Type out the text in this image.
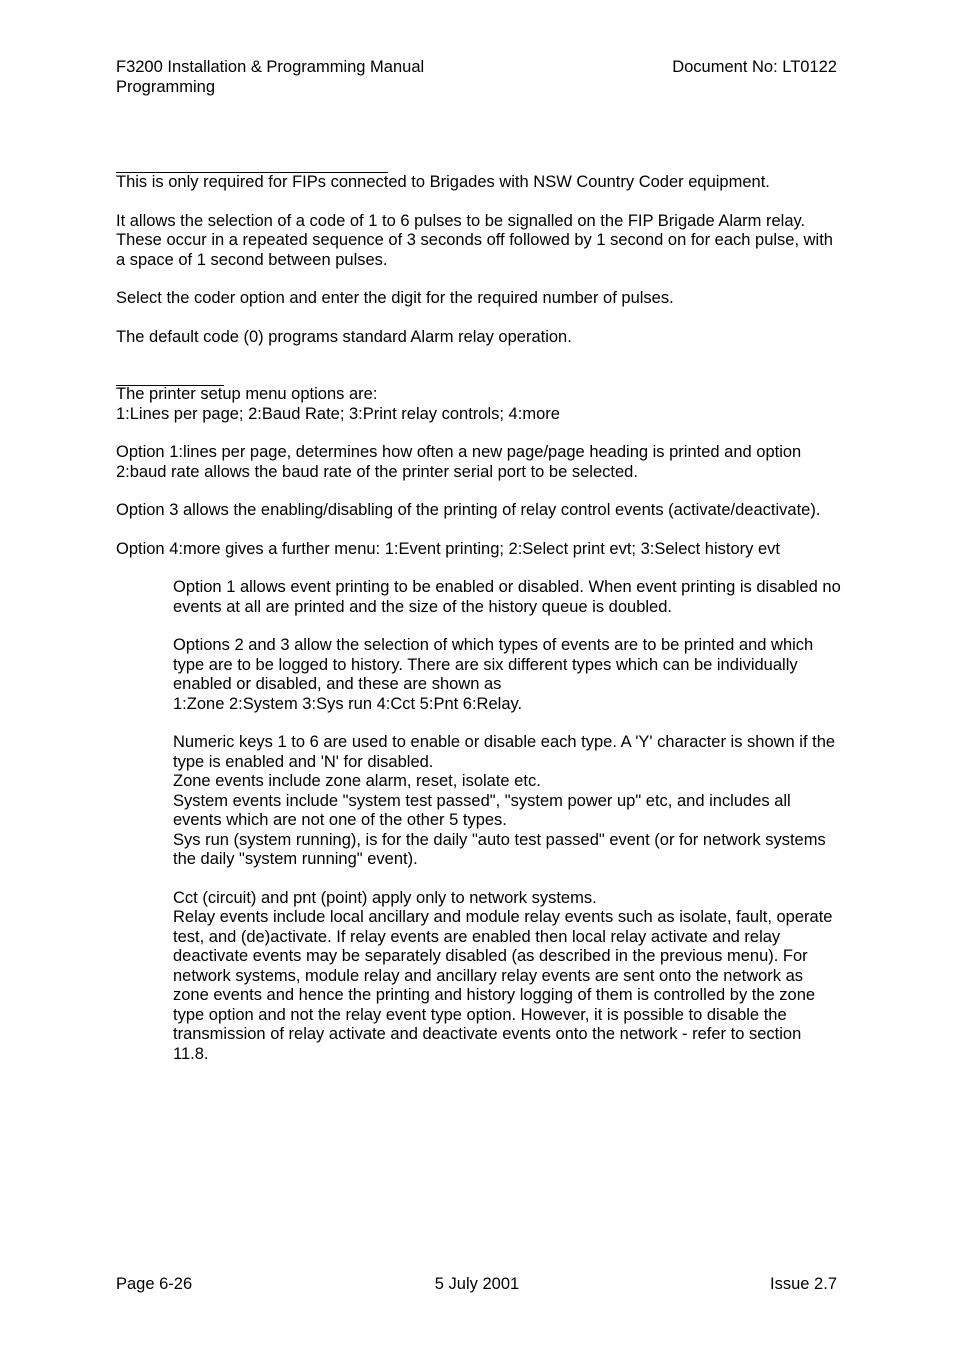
F3200 Installation & Programming Manual
Programming
Document No: LT0122

This is only required for FIPs connected to Brigades with NSW Country Coder equipment.

It allows the selection of a code of 1 to 6 pulses to be signalled on the FIP Brigade Alarm relay. These occur in a repeated sequence of 3 seconds off followed by 1 second on for each pulse, with a space of 1 second between pulses.

Select the coder option and enter the digit for the required number of pulses.

The default code (0) programs standard Alarm relay operation.

The printer setup menu options are:

1:Lines per page; 2:Baud Rate; 3:Print relay controls; 4:more

Option 1:lines per page, determines how often a new page/page heading is printed and option 2:baud rate allows the baud rate of the printer serial port to be selected.

Option 3 allows the enabling/disabling of the printing of relay control events (activate/deactivate).

Option 4:more gives a further menu: 1:Event printing; 2:Select print evt; 3:Select history evt

Option 1 allows event printing to be enabled or disabled. When event printing is disabled no events at all are printed and the size of the history queue is doubled.

Options 2 and 3 allow the selection of which types of events are to be printed and which type are to be logged to history. There are six different types which can be individually enabled or disabled, and these are shown as

1:Zone 2:System 3:Sys run 4:Cct 5:Pnt 6:Relay.

Numeric keys 1 to 6 are used to enable or disable each type. A 'Y' character is shown if the type is enabled and 'N' for disabled.

Zone events include zone alarm, reset, isolate etc.

System events include "system test passed", "system power up" etc, and includes all events which are not one of the other 5 types.

Sys run (system running), is for the daily "auto test passed" event (or for network systems the daily "system running" event).

Cct (circuit) and pnt (point) apply only to network systems.

Relay events include local ancillary and module relay events such as isolate, fault, operate test, and (de)activate. If relay events are enabled then local relay activate and relay deactivate events may be separately disabled (as described in the previous menu). For network systems, module relay and ancillary relay events are sent onto the network as zone events and hence the printing and history logging of them is controlled by the zone type option and not the relay event type option. However, it is possible to disable the transmission of relay activate and deactivate events onto the network - refer to section 11.8.

Page 6-26	5 July 2001	Issue 2.7
